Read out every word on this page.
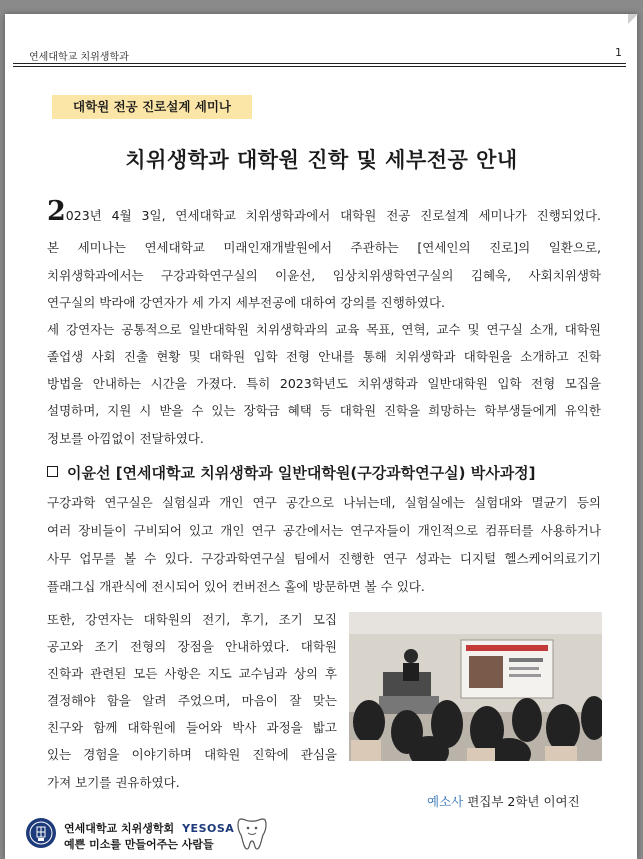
연세대학교 치위생학과	1
대학원 전공 진로설계 세미나
치위생학과 대학원 진학 및 세부전공 안내
2023년 4월 3일, 연세대학교 치위생학과에서 대학원 전공 진로설계 세미나가 진행되었다.
본 세미나는 연세대학교 미래인재개발원에서 주관하는 [연세인의 진로]의 일환으로,
치위생학과에서는 구강과학연구실의 이윤선, 임상치위생학연구실의 김혜욱, 사회치위생학
연구실의 박라애 강연자가 세 가지 세부전공에 대하여 강의를 진행하였다.
세 강연자는 공통적으로 일반대학원 치위생학과의 교육 목표, 연혁, 교수 및 연구실 소개, 대학원
졸업생 사회 진출 현황 및 대학원 입학 전형 안내를 통해 치위생학과 대학원을 소개하고 진학
방법을 안내하는 시간을 가졌다. 특히 2023학년도 치위생학과 일반대학원 입학 전형 모집을
설명하며, 지원 시 받을 수 있는 장학금 혜택 등 대학원 진학을 희망하는 학부생들에게 유익한
정보를 아낌없이 전달하였다.
이윤선 [연세대학교 치위생학과 일반대학원(구강과학연구실) 박사과정]
구강과학 연구실은 실험실과 개인 연구 공간으로 나뉘는데, 실험실에는 실험대와 멸균기 등의
여러 장비들이 구비되어 있고 개인 연구 공간에서는 연구자들이 개인적으로 컴퓨터를 사용하거나
사무 업무를 볼 수 있다. 구강과학연구실 팀에서 진행한 연구 성과는 디지털 헬스케어의료기기
플래그십 개관식에 전시되어 있어 컨버전스 홀에 방문하면 볼 수 있다.
또한, 강연자는 대학원의 전기, 후기, 조기 모집
공고와 조기 전형의 장점을 안내하였다. 대학원
진학과 관련된 모든 사항은 지도 교수님과 상의 후
결정해야 함을 알려 주었으며, 마음이 잘 맞는
친구와 함께 대학원에 들어와 박사 과정을 밟고
있는 경험을 이야기하며 대학원 진학에 관심을
가져 보기를 권유하였다.
예소사 편집부 2학년 이여진
연세대학교 치위생학회 YESOSA
예쁜 미소를 만들어주는 사람들
